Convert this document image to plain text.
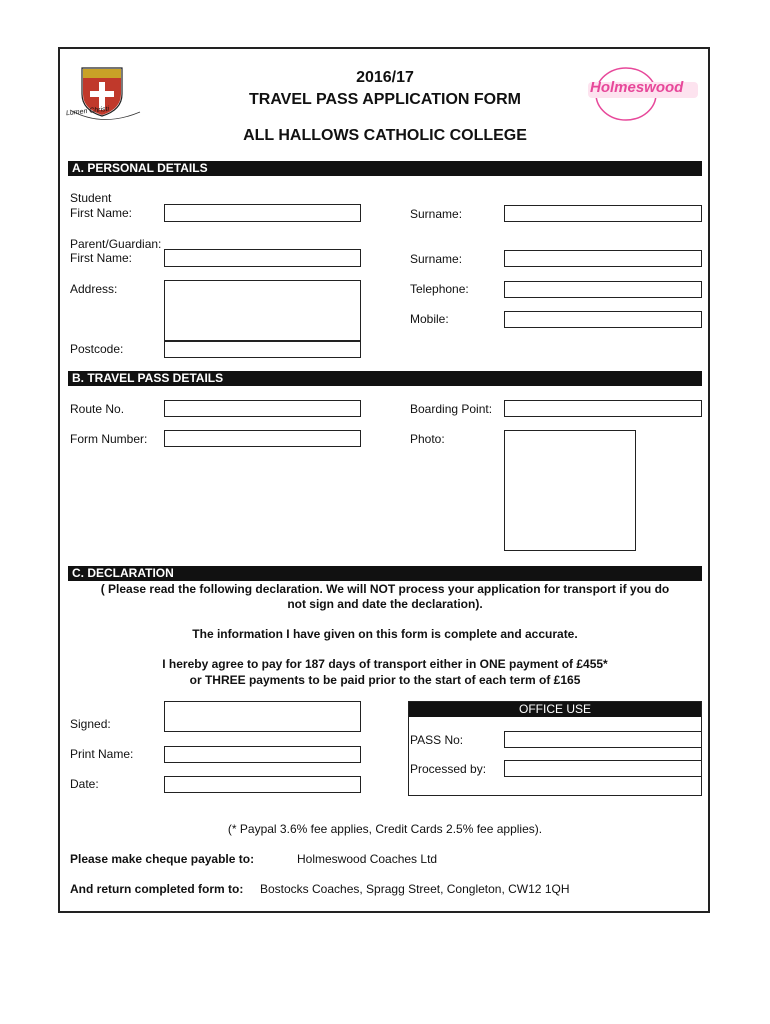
Lumen Christi
Holmeswood
2016/17
TRAVEL PASS APPLICATION FORM
ALL HALLOWS CATHOLIC COLLEGE
A. PERSONAL DETAILS
Student
First Name:	Surname:
Parent/Guardian:
First Name:	Surname:
Address:	Telephone:
Mobile:
Postcode:
B. TRAVEL PASS DETAILS
Route No.	Boarding Point:
Form Number:	Photo:
C. DECLARATION
( Please read the following declaration. We will NOT process your application for transport if you do
not sign and date the declaration).
The information I have given on this form is complete and accurate.
I hereby agree to pay for 187 days of transport either in ONE payment of £455*
or THREE payments to be paid prior to the start of each term of £165
Signed:
Print Name:
Date:
OFFICE USE
PASS No:
Processed by:
(* Paypal 3.6% fee applies, Credit Cards 2.5% fee applies).
Please make cheque payable to:	Holmeswood Coaches Ltd
And return completed form to: Bostocks Coaches, Spragg Street, Congleton, CW12 1QH
